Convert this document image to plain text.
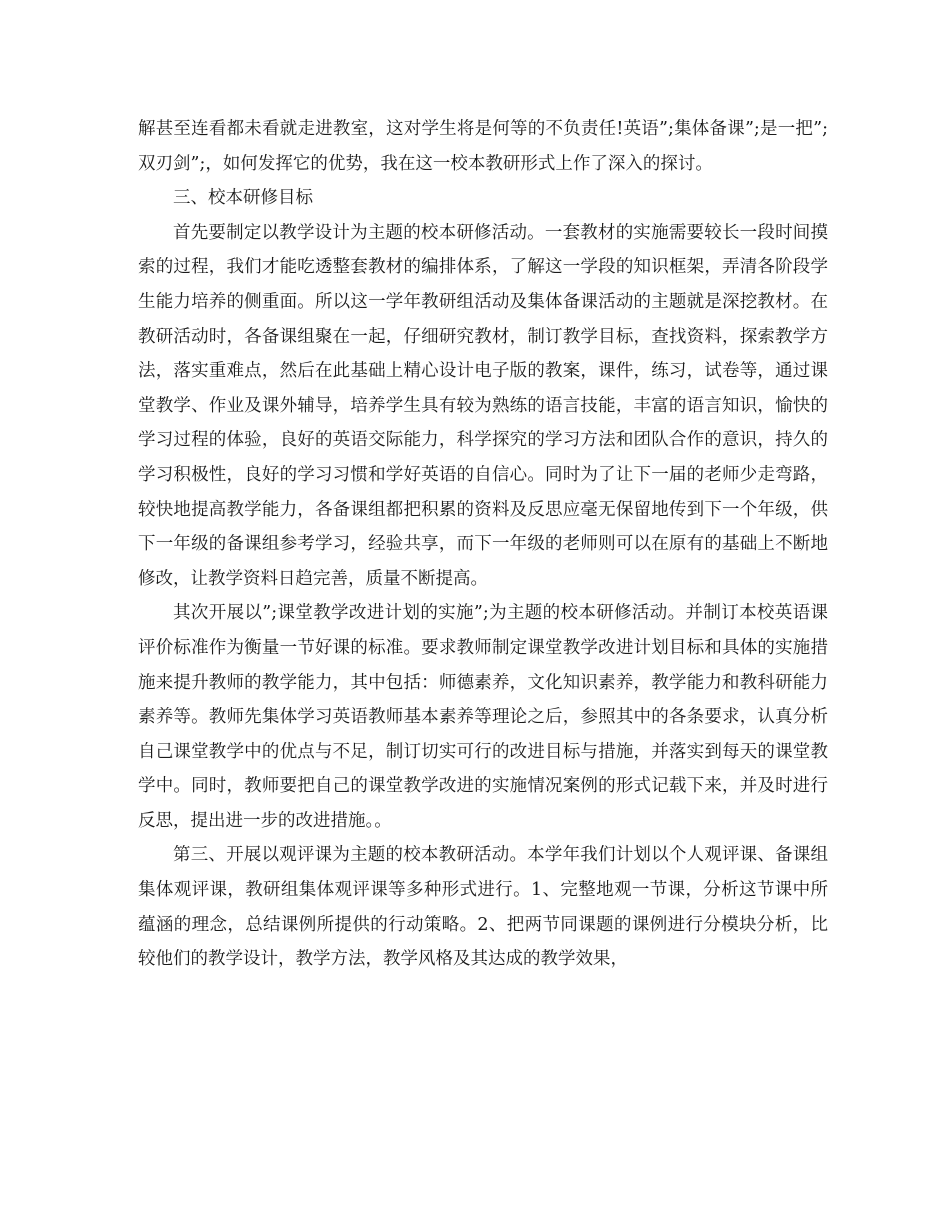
解甚至连看都未看就走进教室，这对学生将是何等的不负责任!英语”;集体备课”;是一把”;双刃剑”;，如何发挥它的优势，我在这一校本教研形式上作了深入的探讨。

三、校本研修目标

首先要制定以教学设计为主题的校本研修活动。一套教材的实施需要较长一段时间摸索的过程，我们才能吃透整套教材的编排体系，了解这一学段的知识框架，弄清各阶段学生能力培养的侧重面。所以这一学年教研组活动及集体备课活动的主题就是深挖教材。在教研活动时，各备课组聚在一起，仔细研究教材，制订教学目标，查找资料，探索教学方法，落实重难点，然后在此基础上精心设计电子版的教案，课件，练习，试卷等，通过课堂教学、作业及课外辅导，培养学生具有较为熟练的语言技能，丰富的语言知识，愉快的学习过程的体验，良好的英语交际能力，科学探究的学习方法和团队合作的意识，持久的学习积极性，良好的学习习惯和学好英语的自信心。同时为了让下一届的老师少走弯路，较快地提高教学能力，各备课组都把积累的资料及反思应毫无保留地传到下一个年级，供下一年级的备课组参考学习，经验共享，而下一年级的老师则可以在原有的基础上不断地修改，让教学资料日趋完善，质量不断提高。

其次开展以”;课堂教学改进计划的实施”;为主题的校本研修活动。并制订本校英语课评价标准作为衡量一节好课的标准。要求教师制定课堂教学改进计划目标和具体的实施措施来提升教师的教学能力，其中包括：师德素养，文化知识素养，教学能力和教科研能力素养等。教师先集体学习英语教师基本素养等理论之后，参照其中的各条要求，认真分析自己课堂教学中的优点与不足，制订切实可行的改进目标与措施，并落实到每天的课堂教学中。同时，教师要把自己的课堂教学改进的实施情况案例的形式记载下来，并及时进行反思，提出进一步的改进措施。。

第三、开展以观评课为主题的校本教研活动。本学年我们计划以个人观评课、备课组集体观评课，教研组集体观评课等多种形式进行。1、完整地观一节课，分析这节课中所蕴涵的理念，总结课例所提供的行动策略。2、把两节同课题的课例进行分模块分析，比较他们的教学设计，教学方法，教学风格及其达成的教学效果，
